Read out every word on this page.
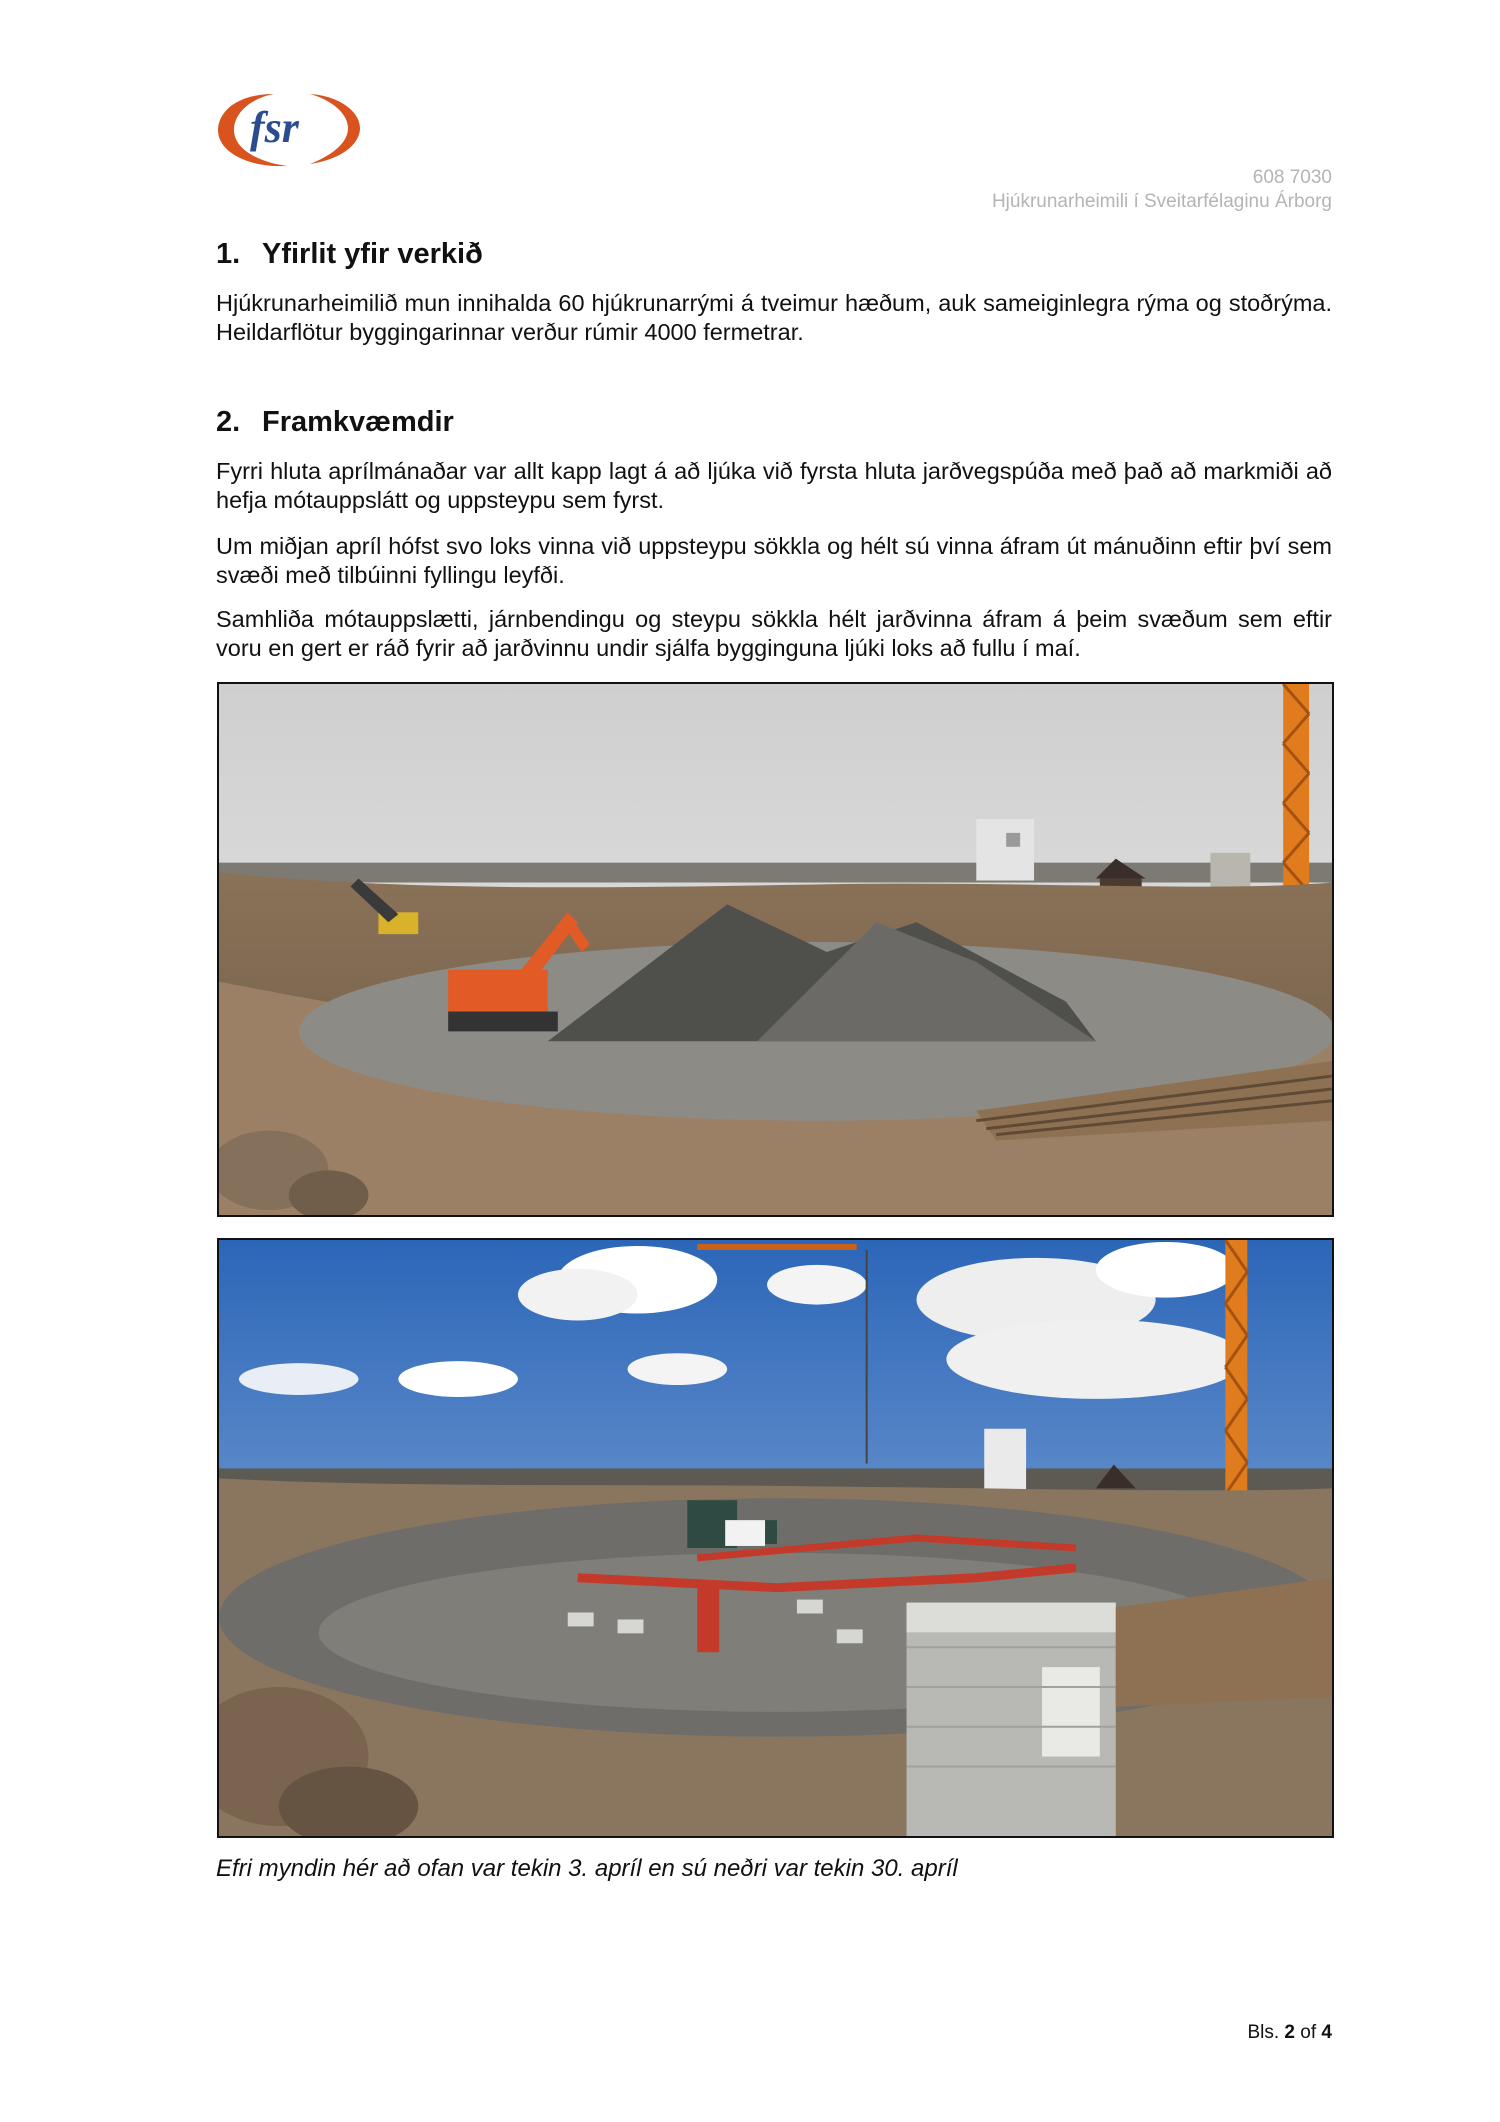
fsr
608 7030
Hjúkrunarheimili í Sveitarfélaginu Árborg
1. Yfirlit yfir verkið
Hjúkrunarheimilið mun innihalda 60 hjúkrunarrými á tveimur hæðum, auk sameiginlegra rýma og stoðrýma. Heildarflötur byggingarinnar verður rúmir 4000 fermetrar.
2. Framkvæmdir
Fyrri hluta aprílmánaðar var allt kapp lagt á að ljúka við fyrsta hluta jarðvegspúða með það að markmiði að hefja mótauppslátt og uppsteypu sem fyrst.
Um miðjan apríl hófst svo loks vinna við uppsteypu sökkla og hélt sú vinna áfram út mánuðinn eftir því sem svæði með tilbúinni fyllingu leyfði.
Samhliða mótauppslætti, járnbendingu og steypu sökkla hélt jarðvinna áfram á þeim svæðum sem eftir voru en gert er ráð fyrir að jarðvinnu undir sjálfa bygginguna ljúki loks að fullu í maí.
Efri myndin hér að ofan var tekin 3. apríl en sú neðri var tekin 30. apríl
Bls. 2 of 4
